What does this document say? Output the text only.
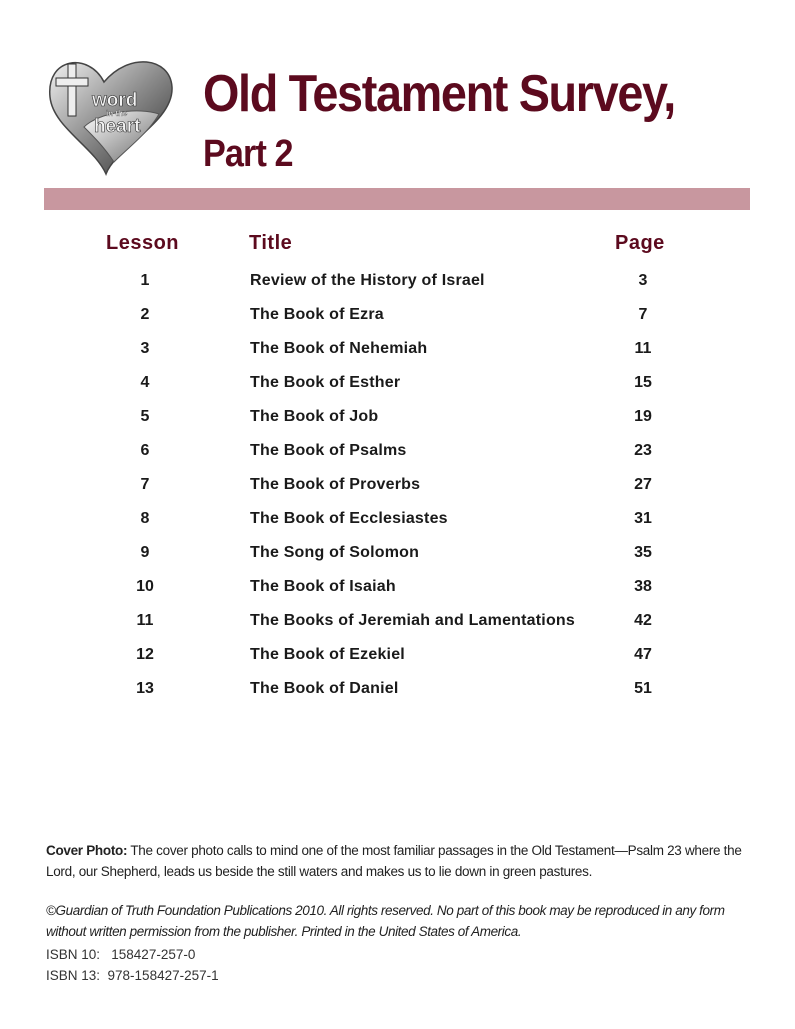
word
in the
heart
Old Testament Survey,
Part 2
Lesson	Title	Page
1	Review of the History of Israel	3
2	The Book of Ezra	7
3	The Book of Nehemiah	11
4	The Book of Esther	15
5	The Book of Job	19
6	The Book of Psalms	23
7	The Book of Proverbs	27
8	The Book of Ecclesiastes	31
9	The Song of Solomon	35
10	The Book of Isaiah	38
11	The Books of Jeremiah and Lamentations	42
12	The Book of Ezekiel	47
13	The Book of Daniel	51
Cover Photo: The cover photo calls to mind one of the most familiar passages in the Old Testament—Psalm 23 where the Lord, our Shepherd, leads us beside the still waters and makes us to lie down in green pastures.
©Guardian of Truth Foundation Publications 2010. All rights reserved. No part of this book may be reproduced in any form without written permission from the publisher. Printed in the United States of America.
ISBN 10:   158427-257-0
ISBN 13:  978-158427-257-1
